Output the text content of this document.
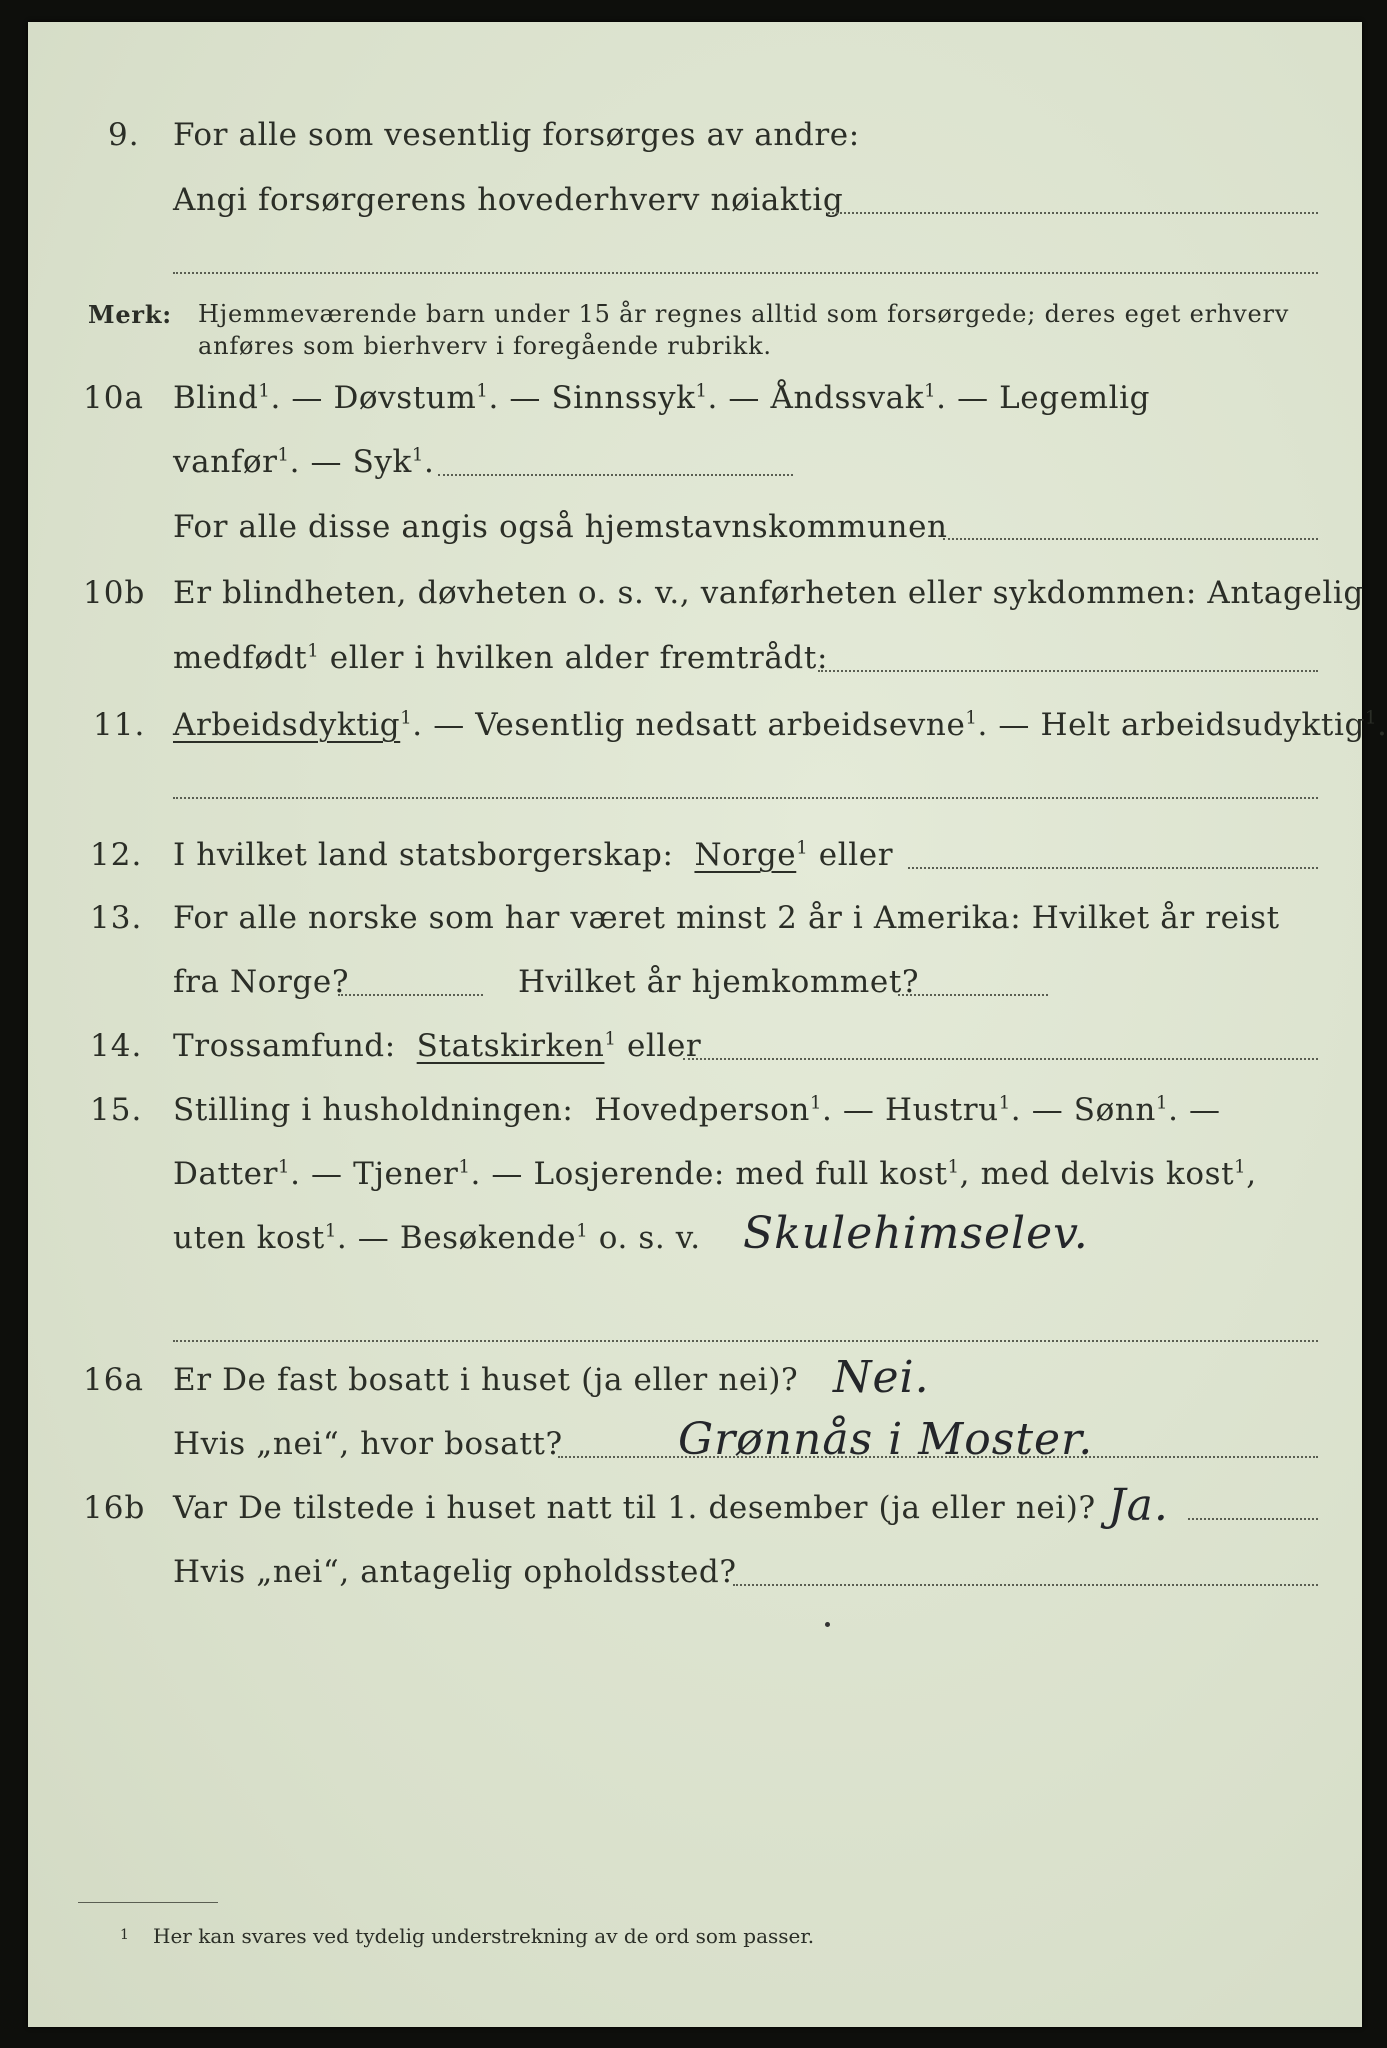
9. For alle som vesentlig forsørges av andre:
Angi forsørgerens hovederhverv nøiaktig
Merk: Hjemmeværende barn under 15 år regnes alltid som forsørgede; deres eget erhverv
anføres som bierhverv i foregående rubrikk.
10a Blind$^1$. — Døvstum$^1$. — Sinnssyk$^1$. — Åndssvak$^1$. — Legemlig
vanfør$^1$. — Syk$^1$.
For alle disse angis også hjemstavnskommunen
10b Er blindheten, døvheten o. s. v., vanførheten eller sykdommen: Antagelig
medfødt$^1$ eller i hvilken alder fremtrådt:
11. Arbeidsdyktig$^1$. — Vesentlig nedsatt arbeidsevne$^1$. — Helt arbeidsudyktig$^1$.
12. I hvilket land statsborgerskap: Norge$^1$ eller
13. For alle norske som har været minst 2 år i Amerika: Hvilket år reist
fra Norge?	Hvilket år hjemkommet?
14. Trossamfund: Statskirken$^1$ eller
15. Stilling i husholdningen: Hovedperson$^1$. — Hustru$^1$. — Sønn$^1$. —
Datter$^1$. — Tjener$^1$. — Losjerende: med full kost$^1$, med delvis kost$^1$,
uten kost$^1$. — Besøkende$^1$ o. s. v. Skulehimselev.
16a Er De fast bosatt i huset (ja eller nei)? Nei.
Hvis „nei“, hvor bosatt?	Grønnås i Moster.
16b Var De tilstede i huset natt til 1. desember (ja eller nei)? Ja.
Hvis „nei“, antagelig opholdssted?
1 Her kan svares ved tydelig understrekning av de ord som passer.
